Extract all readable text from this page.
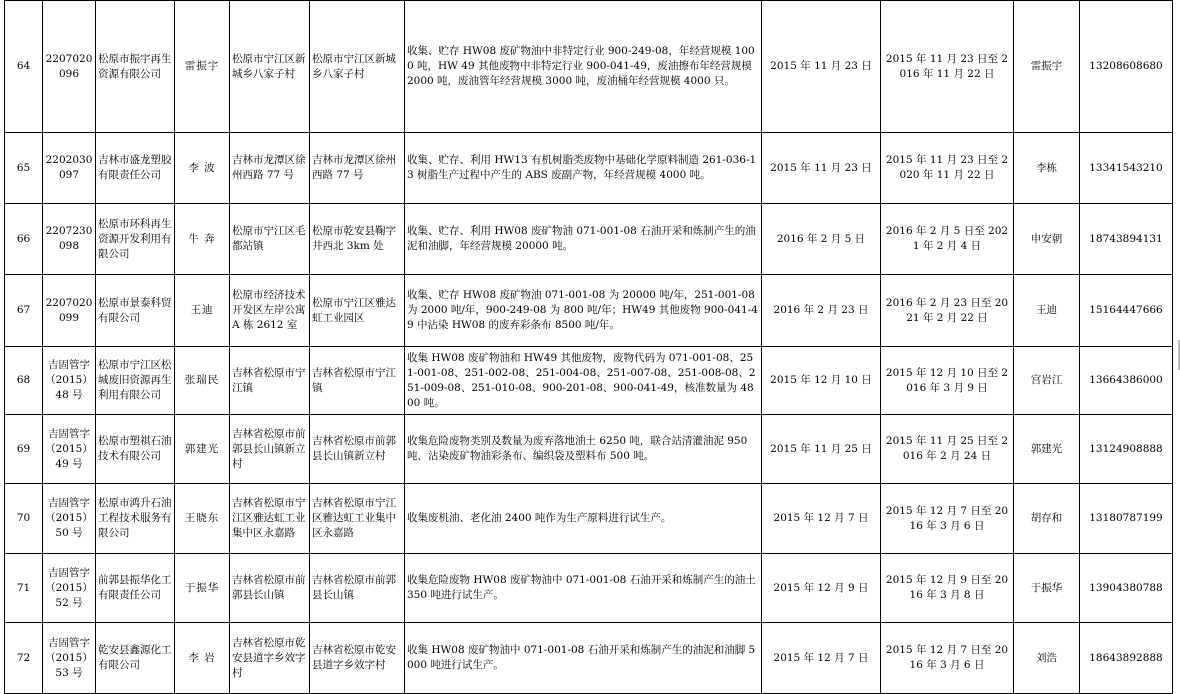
64	2207020096	松原市振宇再生资源有限公司	雷振宇	松原市宁江区新城乡八家子村	松原市宁江区新城乡八家子村	收集、贮存 HW08 废矿物油中非特定行业 900-249-08，年经营规模 1000 吨，HW 49 其他废物中非特定行业 900-041-49，废油擦布年经营规模 2000 吨，废油管年经营规模 3000 吨，废油桶年经营规模 4000 只。	2015 年 11 月 23 日	2015 年 11 月 23 日至 2016 年 11 月 22 日	雷振宇	13208608680
65	2202030097	吉林市盛龙塑胶有限责任公司	李 波	吉林市龙潭区徐州西路 77 号	吉林市龙潭区徐州西路 77 号	收集、贮存、利用 HW13 有机树脂类废物中基础化学原料制造 261-036-13 树脂生产过程中产生的 ABS 废副产物，年经营规模 4000 吨。	2015 年 11 月 23 日	2015 年 11 月 23 日至 2020 年 11 月 22 日	李栋	13341543210
66	2207230098	松原市环科再生资源开发利用有限公司	牛 奔	松原市宁江区毛都站镇	松原市乾安县鞠字井西北 3km 处	收集、贮存、利用 HW08 废矿物油 071-001-08 石油开采和炼制产生的油泥和油脚，年经营规模 20000 吨。	2016 年 2 月 5 日	2016 年 2 月 5 日至 2021 年 2 月 4 日	申安朝	18743894131
67	2207020099	松原市景泰科贸有限公司	王迪	松原市经济技术开发区左岸公寓 A 栋 2612 室	松原市宁江区雅达虹工业园区	收集、贮存 HW08 废矿物油 071-001-08 为 20000 吨/年，251-001-08 为 2000 吨/年，900-249-08 为 800 吨/年；HW49 其他废物 900-041-49 中沾染 HW08 的废弃彩条布 8500 吨/年。	2016 年 2 月 23 日	2016 年 2 月 23 日至 2021 年 2 月 22 日	王迪	15164447666
68	吉固管字（2015）48 号	松原市宁江区松城废旧资源再生利用有限公司	张瑞民	吉林省松原市宁江镇	吉林省松原市宁江镇	收集 HW08 废矿物油和 HW49 其他废物，废物代码为 071-001-08、251-001-08、251-002-08、251-004-08、251-007-08、251-008-08、251-009-08、251-010-08、900-201-08、900-041-49，核准数量为 4800 吨。	2015 年 12 月 10 日	2015 年 12 月 10 日至 2016 年 3 月 9 日	宫岩江	13664386000
69	吉固管字（2015）49 号	松原市塑祺石油技术有限公司	郭建光	吉林省松原市前郭县长山镇新立村	吉林省松原市前郭县长山镇新立村	收集危险废物类别及数量为废弃落地油土 6250 吨，联合站清灌油泥 950 吨，沾染废矿物油彩条布、编织袋及塑料布 500 吨。	2015 年 11 月 25 日	2015 年 11 月 25 日至 2016 年 2 月 24 日	郭建光	13124908888
70	吉固管字（2015）50 号	松原市鸿升石油工程技术服务有限公司	王晓东	吉林省松原市宁江区雅达虹工业集中区永嘉路	吉林省松原市宁江区雅达虹工业集中区永嘉路	收集废机油、老化油 2400 吨作为生产原料进行试生产。	2015 年 12 月 7 日	2015 年 12 月 7 日至 2016 年 3 月 6 日	胡存和	13180787199
71	吉固管字（2015）52 号	前郭县振华化工有限责任公司	于振华	吉林省松原市前郭县长山镇	吉林省松原市前郭县长山镇	收集危险废物 HW08 废矿物油中 071-001-08 石油开采和炼制产生的油土 350 吨进行试生产。	2015 年 12 月 9 日	2015 年 12 月 9 日至 2016 年 3 月 8 日	于振华	13904380788
72	吉固管字（2015）53 号	乾安县鑫源化工有限公司	李 岩	吉林省松原市乾安县道字乡效字村	吉林省松原市乾安县道字乡效字村	收集 HW08 废矿物油中 071-001-08 石油开采和炼制产生的油泥和油脚 5000 吨进行试生产。	2015 年 12 月 7 日	2015 年 12 月 7 日至 2016 年 3 月 6 日	刘浩	18643892888
